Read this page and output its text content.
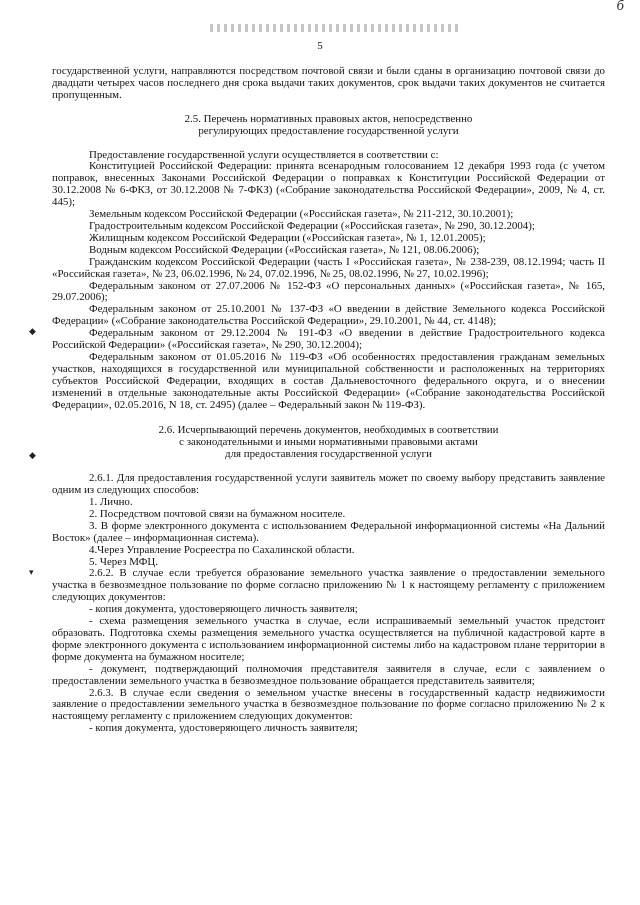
б
5
◆
◆
▾

государственной услуги, направляются посредством почтовой связи и были сданы в организацию почтовой связи до двадцати четырех часов последнего дня срока выдачи таких документов, срок выдачи таких документов не считается пропущенным.

2.5. Перечень нормативных правовых актов, непосредственно

регулирующих предоставление государственной услуги

Предоставление государственной услуги осуществляется в соответствии с:

Конституцией Российской Федерации: принята всенародным голосованием 12 декабря 1993 года (с учетом поправок, внесенных Законами Российской Федерации о поправках к Конституции Российской Федерации от 30.12.2008 № 6-ФКЗ, от 30.12.2008 № 7-ФКЗ) («Собрание законодательства Российской Федерации», 2009, № 4, ст. 445);

Земельным кодексом Российской Федерации («Российская газета», № 211-212, 30.10.2001);

Градостроительным кодексом Российской Федерации («Российская газета», № 290, 30.12.2004);

Жилищным кодексом Российской Федерации («Российская газета», № 1, 12.01.2005);

Водным кодексом Российской Федерации («Российская газета», № 121, 08.06.2006);

Гражданским кодексом Российской Федерации (часть I «Российская газета», № 238-239, 08.12.1994; часть II «Российская газета», № 23, 06.02.1996, № 24, 07.02.1996, № 25, 08.02.1996, № 27, 10.02.1996);

Федеральным законом от 27.07.2006 № 152-ФЗ «О персональных данных» («Российская газета», № 165, 29.07.2006);

Федеральным законом от 25.10.2001 № 137-ФЗ «О введении в действие Земельного кодекса Российской Федерации» («Собрание законодательства Российской Федерации», 29.10.2001, № 44, ст. 4148);

Федеральным законом от 29.12.2004 № 191-ФЗ «О введении в действие Градостроительного кодекса Российской Федерации» («Российская газета», № 290, 30.12.2004);

Федеральным законом от 01.05.2016 № 119-ФЗ «Об особенностях предоставления гражданам земельных участков, находящихся в государственной или муниципальной собственности и расположенных на территориях субъектов Российской Федерации, входящих в состав Дальневосточного федерального округа, и о внесении изменений в отдельные законодательные акты Российской Федерации» («Собрание законодательства Российской Федерации», 02.05.2016, N 18, ст. 2495) (далее – Федеральный закон № 119-ФЗ).

2.6. Исчерпывающий перечень документов, необходимых в соответствии

с законодательными и иными нормативными правовыми актами

для предоставления государственной услуги

2.6.1. Для предоставления государственной услуги заявитель может по своему выбору представить заявление одним из следующих способов:

1. Лично.

2. Посредством почтовой связи на бумажном носителе.

3. В форме электронного документа с использованием Федеральной информационной системы «На Дальний Восток» (далее – информационная система).

4.Через Управление Росреестра по Сахалинской области.

5. Через МФЦ.

2.6.2. В случае если требуется образование земельного участка заявление о предоставлении земельного участка в безвозмездное пользование по форме согласно приложению № 1 к настоящему регламенту с приложением следующих документов:

- копия документа, удостоверяющего личность заявителя;

- схема размещения земельного участка в случае, если испрашиваемый земельный участок предстоит образовать. Подготовка схемы размещения земельного участка осуществляется на публичной кадастровой карте в форме электронного документа с использованием информационной системы либо на кадастровом плане территории в форме документа на бумажном носителе;

- документ, подтверждающий полномочия представителя заявителя в случае, если с заявлением о предоставлении земельного участка в безвозмездное пользование обращается представитель заявителя;

2.6.3. В случае если сведения о земельном участке внесены в государственный кадастр недвижимости заявление о предоставлении земельного участка в безвозмездное пользование по форме согласно приложению № 2 к настоящему регламенту с приложением следующих документов:

- копия документа, удостоверяющего личность заявителя;
